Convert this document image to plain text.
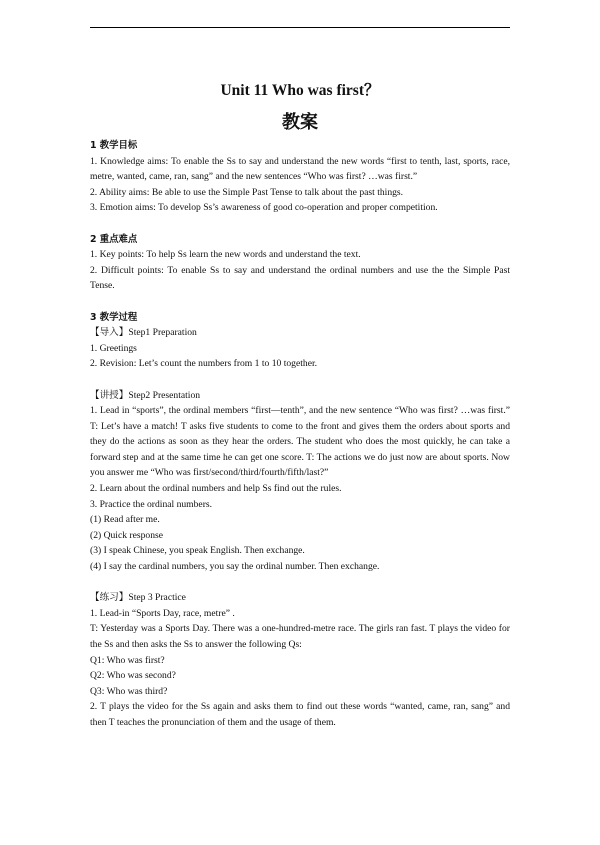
Unit 11 Who was first？
教案

1 教学目标

1. Knowledge aims: To enable the Ss to say and understand the new words “first to tenth, last, sports, race, metre, wanted, came, ran, sang” and the new sentences “Who was first? …was first.”

2. Ability aims: Be able to use the Simple Past Tense to talk about the past things.

3. Emotion aims: To develop Ss’s awareness of good co-operation and proper competition.

2 重点难点

1. Key points: To help Ss learn the new words and understand the text.

2. Difficult points: To enable Ss to say and understand the ordinal numbers and use the the Simple Past Tense.

3 教学过程

【导入】Step1 Preparation

1. Greetings

2. Revision: Let’s count the numbers from 1 to 10 together.

【讲授】Step2 Presentation

1. Lead in “sports”, the ordinal members “first—tenth”, and the new sentence “Who was first? …was first.” T: Let’s have a match! T asks five students to come to the front and gives them the orders about sports and they do the actions as soon as they hear the orders. The student who does the most quickly, he can take a forward step and at the same time he can get one score. T: The actions we do just now are about sports. Now you answer me “Who was first/second/third/fourth/fifth/last?”

2. Learn about the ordinal numbers and help Ss find out the rules.

3. Practice the ordinal numbers.

(1) Read after me.

(2) Quick response

(3) I speak Chinese, you speak English. Then exchange.

(4) I say the cardinal numbers, you say the ordinal number. Then exchange.

【练习】Step 3 Practice

1. Lead-in “Sports Day, race, metre” .

T: Yesterday was a Sports Day. There was a one-hundred-metre race. The girls ran fast. T plays the video for the Ss and then asks the Ss to answer the following Qs:

Q1: Who was first?

Q2: Who was second?

Q3: Who was third?

2. T plays the video for the Ss again and asks them to find out these words “wanted, came, ran, sang” and then T teaches the pronunciation of them and the usage of them.
